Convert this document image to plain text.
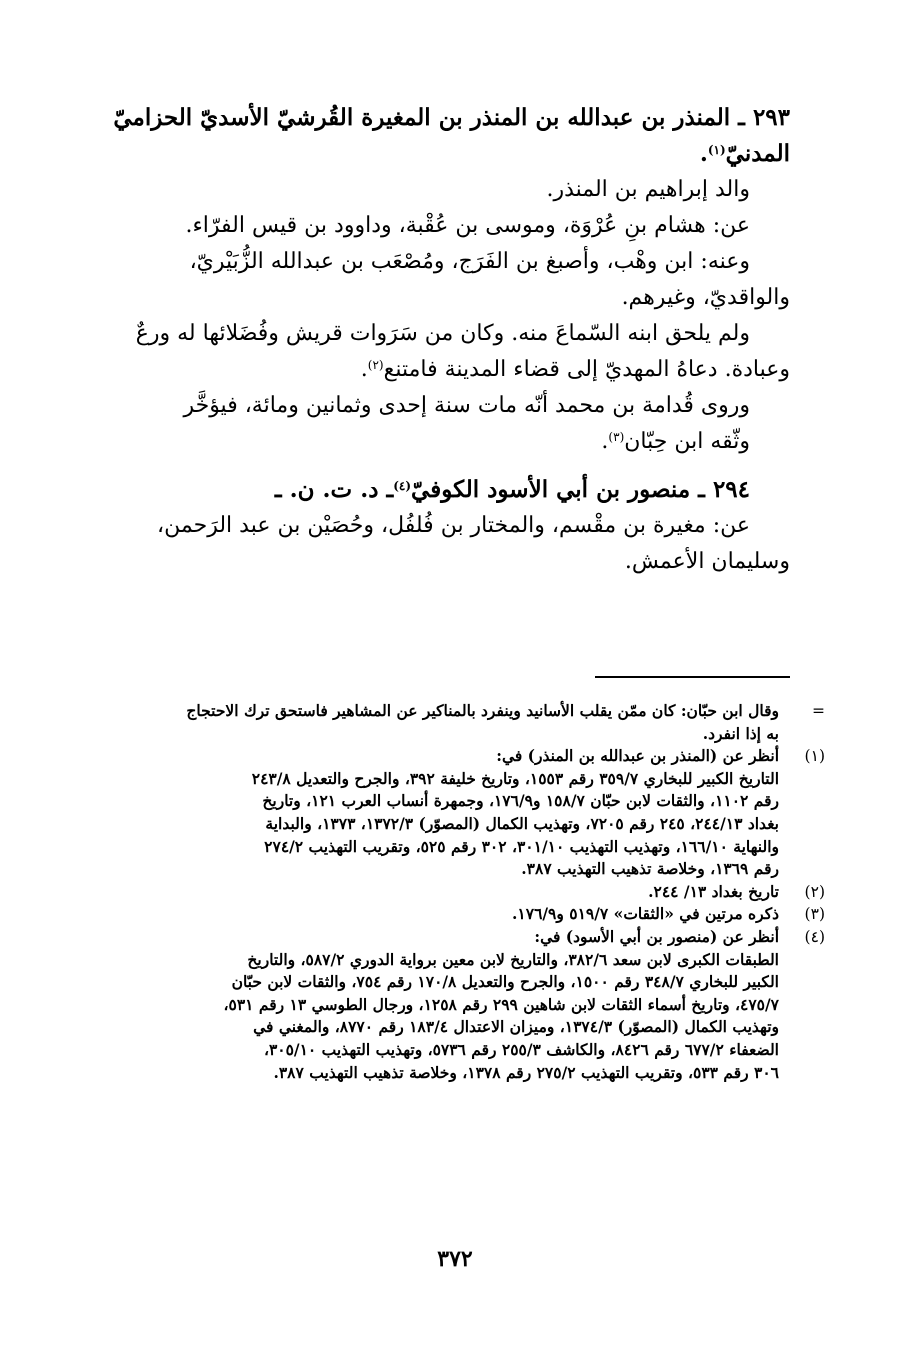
٢٩٣ ـ المنذر بن عبدالله بن المنذر بن المغيرة القُرشيّ الأسديّ الحزاميّ

المدنيّ$^{(١)}$.

والد إبراهيم بن المنذر.

عن: هشام بنِ عُرْوَة، وموسى بن عُقْبة، وداوود بن قيس الفرّاء.

وعنه: ابن وهْب، وأصبغ بن الفَرَج، ومُصْعَب بن عبدالله الزُّبَيْريّ،

والواقديّ، وغيرهم.

ولم يلحق ابنه السّماعَ منه. وكان من سَرَوات قريش وفُضَلائها له ورعٌ

وعبادة. دعاهُ المهديّ إلى قضاء المدينة فامتنع$^{(٢)}$.

وروى قُدامة بن محمد أنّه مات سنة إحدى وثمانين ومائة، فيؤخَّر

وثّقه ابن حِبّان$^{(٣)}$.

٢٩٤ ـ منصور بن أبي الأسود الكوفيّ$^{(٤)}$ـ د. ت. ن. ـ

عن: مغيرة بن مقْسم، والمختار بن فُلفُل، وحُصَيْن بن عبد الرَحمن،

وسليمان الأعمش.

=وقال ابن حبّان: كان ممّن يقلب الأسانيد وينفرد بالمناكير عن المشاهير فاستحق ترك الاحتجاج

به إذا انفرد.

(١)أنظر عن (المنذر بن عبدالله بن المنذر) في:

التاريخ الكبير للبخاري ٣٥٩/٧ رقم ١٥٥٣، وتاريخ خليفة ٣٩٢، والجرح والتعديل ٢٤٣/٨

رقم ١١٠٢، والثقات لابن حبّان ١٥٨/٧ و١٧٦/٩، وجمهرة أنساب العرب ١٢١، وتاريخ

بغداد ٢٤٤/١٣، ٢٤٥ رقم ٧٢٠٥، وتهذيب الكمال (المصوّر) ١٣٧٢/٣، ١٣٧٣، والبداية

والنهاية ١٦٦/١٠، وتهذيب التهذيب ٣٠١/١٠، ٣٠٢ رقم ٥٢٥، وتقريب التهذيب ٢٧٤/٢

رقم ١٣٦٩، وخلاصة تذهيب التهذيب ٣٨٧.

(٢)تاريخ بغداد ١٣/ ٢٤٤.

(٣)ذكره مرتين في «الثقات» ٥١٩/٧ و١٧٦/٩.

(٤)أنظر عن (منصور بن أبي الأسود) في:

الطبقات الكبرى لابن سعد ٣٨٢/٦، والتاريخ لابن معين برواية الدوري ٥٨٧/٢، والتاريخ

الكبير للبخاري ٣٤٨/٧ رقم ١٥٠٠، والجرح والتعديل ١٧٠/٨ رقم ٧٥٤، والثقات لابن حبّان

٤٧٥/٧، وتاريخ أسماء الثقات لابن شاهين ٢٩٩ رقم ١٢٥٨، ورجال الطوسي ١٣ رقم ٥٣١،

وتهذيب الكمال (المصوّر) ١٣٧٤/٣، وميزان الاعتدال ١٨٣/٤ رقم ٨٧٧٠، والمغني في

الضعفاء ٦٧٧/٢ رقم ٨٤٢٦، والكاشف ٢٥٥/٣ رقم ٥٧٣٦، وتهذيب التهذيب ٣٠٥/١٠،

٣٠٦ رقم ٥٣٣، وتقريب التهذيب ٢٧٥/٢ رقم ١٣٧٨، وخلاصة تذهيب التهذيب ٣٨٧.

٣٧٢
